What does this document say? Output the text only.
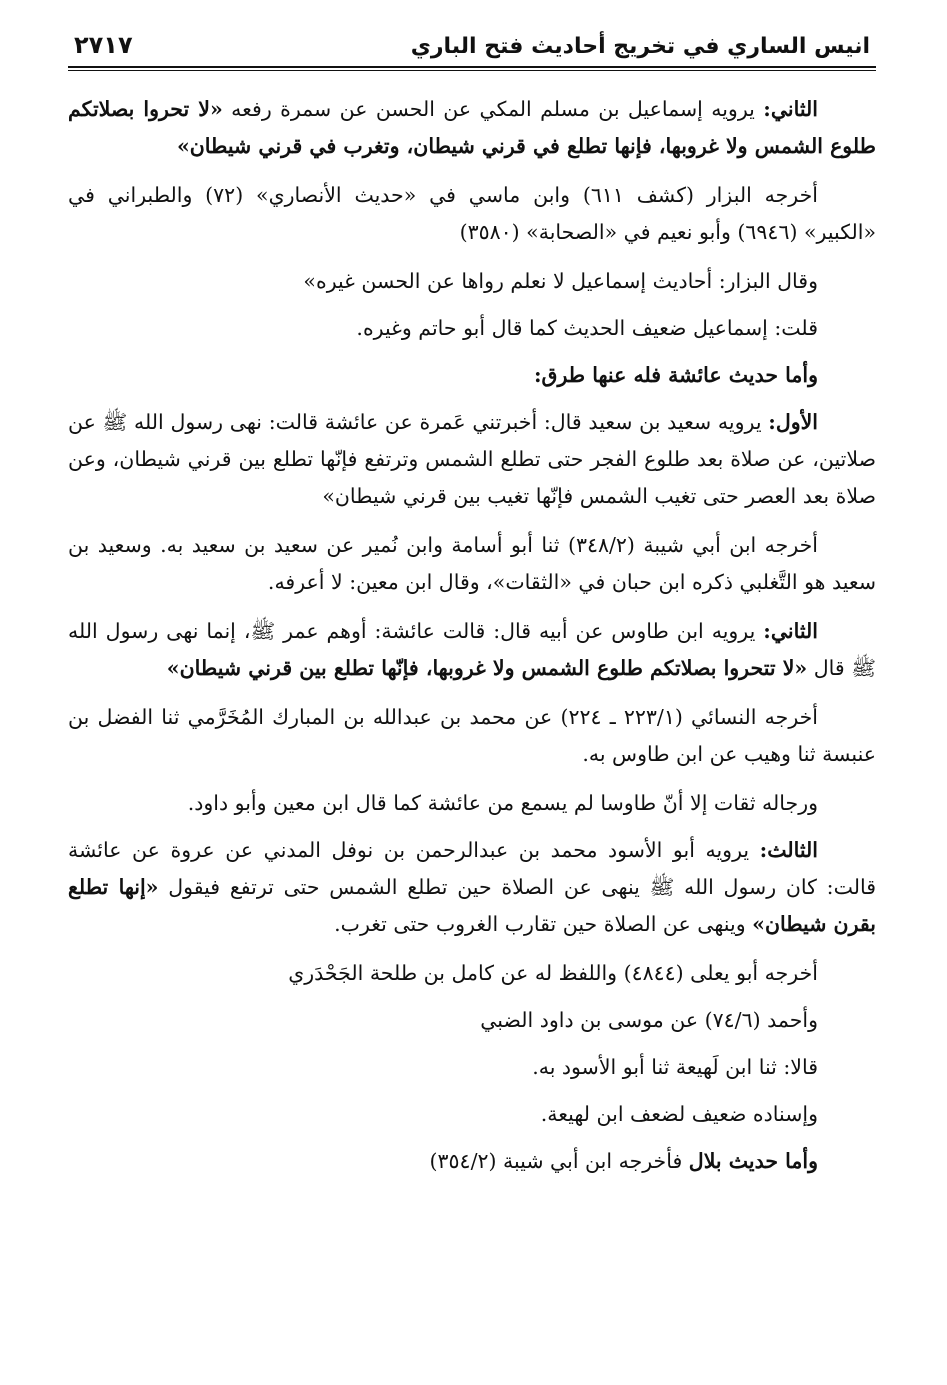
انيس الساري في تخريج أحاديث فتح الباري
٢٧١٧

الثاني: يرويه إسماعيل بن مسلم المكي عن الحسن عن سمرة رفعه «لا تحروا بصلاتكم طلوع الشمس ولا غروبها، فإنها تطلع في قرني شيطان، وتغرب في قرني شيطان»

أخرجه البزار (كشف ٦١١) وابن ماسي في «حديث الأنصاري» (٧٢) والطبراني في «الكبير» (٦٩٤٦) وأبو نعيم في «الصحابة» (٣٥٨٠)

وقال البزار: أحاديث إسماعيل لا نعلم رواها عن الحسن غيره»

قلت: إسماعيل ضعيف الحديث كما قال أبو حاتم وغيره.

وأما حديث عائشة فله عنها طرق:

الأول: يرويه سعيد بن سعيد قال: أخبرتني عَمرة عن عائشة قالت: نهى رسول الله ﷺ عن صلاتين، عن صلاة بعد طلوع الفجر حتى تطلع الشمس وترتفع فإنّها تطلع بين قرني شيطان، وعن صلاة بعد العصر حتى تغيب الشمس فإنّها تغيب بين قرني شيطان»

أخرجه ابن أبي شيبة (٣٤٨/٢) ثنا أبو أسامة وابن نُمير عن سعيد بن سعيد به. وسعيد بن سعيد هو التَّغلبي ذكره ابن حبان في «الثقات»، وقال ابن معين: لا أعرفه.

الثاني: يرويه ابن طاوس عن أبيه قال: قالت عائشة: أوهم عمر ﷺ، إنما نهى رسول الله ﷺ قال «لا تتحروا بصلاتكم طلوع الشمس ولا غروبها، فإنّها تطلع بين قرني شيطان»

أخرجه النسائي (٢٢٣/١ ـ ٢٢٤) عن محمد بن عبدالله بن المبارك المُخَرَّمي ثنا الفضل بن عنبسة ثنا وهيب عن ابن طاوس به.

ورجاله ثقات إلا أنّ طاوسا لم يسمع من عائشة كما قال ابن معين وأبو داود.

الثالث: يرويه أبو الأسود محمد بن عبدالرحمن بن نوفل المدني عن عروة عن عائشة قالت: كان رسول الله ﷺ ينهى عن الصلاة حين تطلع الشمس حتى ترتفع فيقول «إنها تطلع بقرن شيطان» وينهى عن الصلاة حين تقارب الغروب حتى تغرب.

أخرجه أبو يعلى (٤٨٤٤) واللفظ له عن كامل بن طلحة الجَحْدَري

وأحمد (٧٤/٦) عن موسى بن داود الضبي

قالا: ثنا ابن لَهيعة ثنا أبو الأسود به.

وإسناده ضعيف لضعف ابن لهيعة.

وأما حديث بلال فأخرجه ابن أبي شيبة (٣٥٤/٢)
